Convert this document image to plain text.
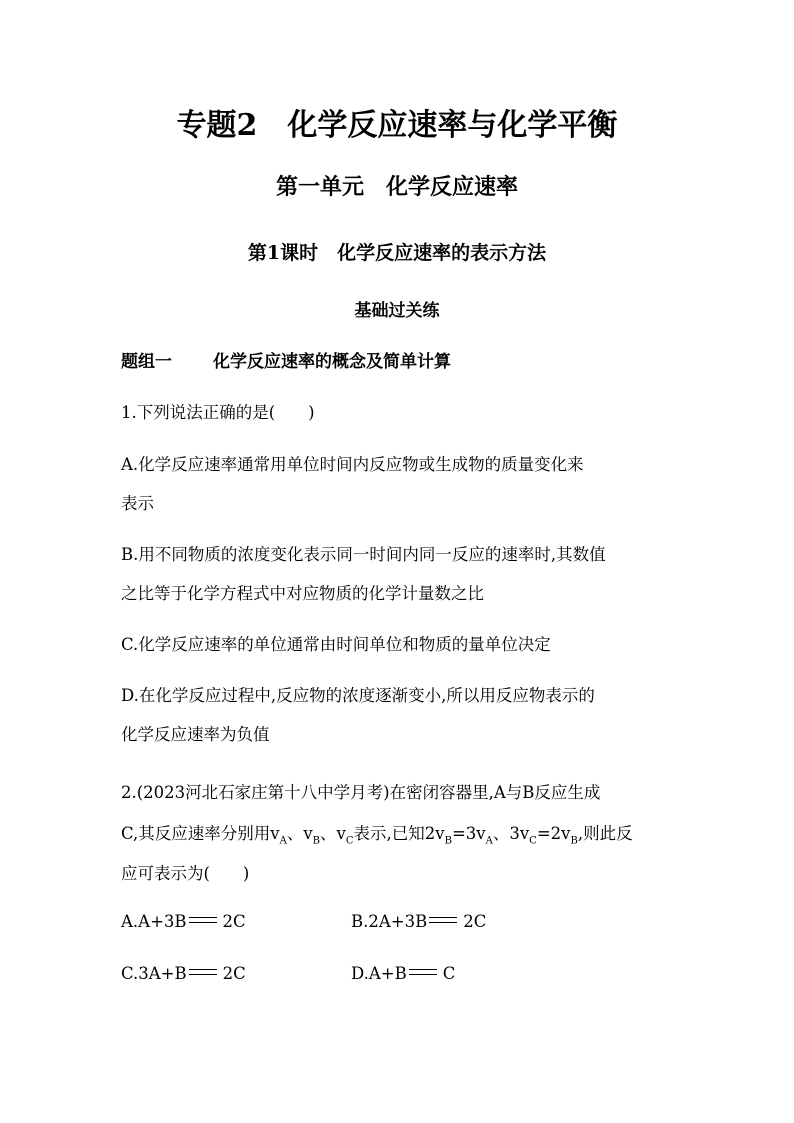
专题2　化学反应速率与化学平衡
第一单元　化学反应速率
第1课时　化学反应速率的表示方法
基础过关练
题组一 化学反应速率的概念及简单计算
1.下列说法正确的是(　　)
A.化学反应速率通常用单位时间内反应物或生成物的质量变化来
表示
B.用不同物质的浓度变化表示同一时间内同一反应的速率时,其数值
之比等于化学方程式中对应物质的化学计量数之比
C.化学反应速率的单位通常由时间单位和物质的量单位决定
D.在化学反应过程中,反应物的浓度逐渐变小,所以用反应物表示的
化学反应速率为负值
2.(2023河北石家庄第十八中学月考)在密闭容器里,A与B反应生成
C,其反应速率分别用$v_A$、$v_B$、$v_C$表示,已知$2v_B=3v_A$、$3v_C=2v_B$,则此反
应可表示为(　　)
A.A+3B 2C	B.2A+3B 2C
C.3A+B 2C	D.A+B C
